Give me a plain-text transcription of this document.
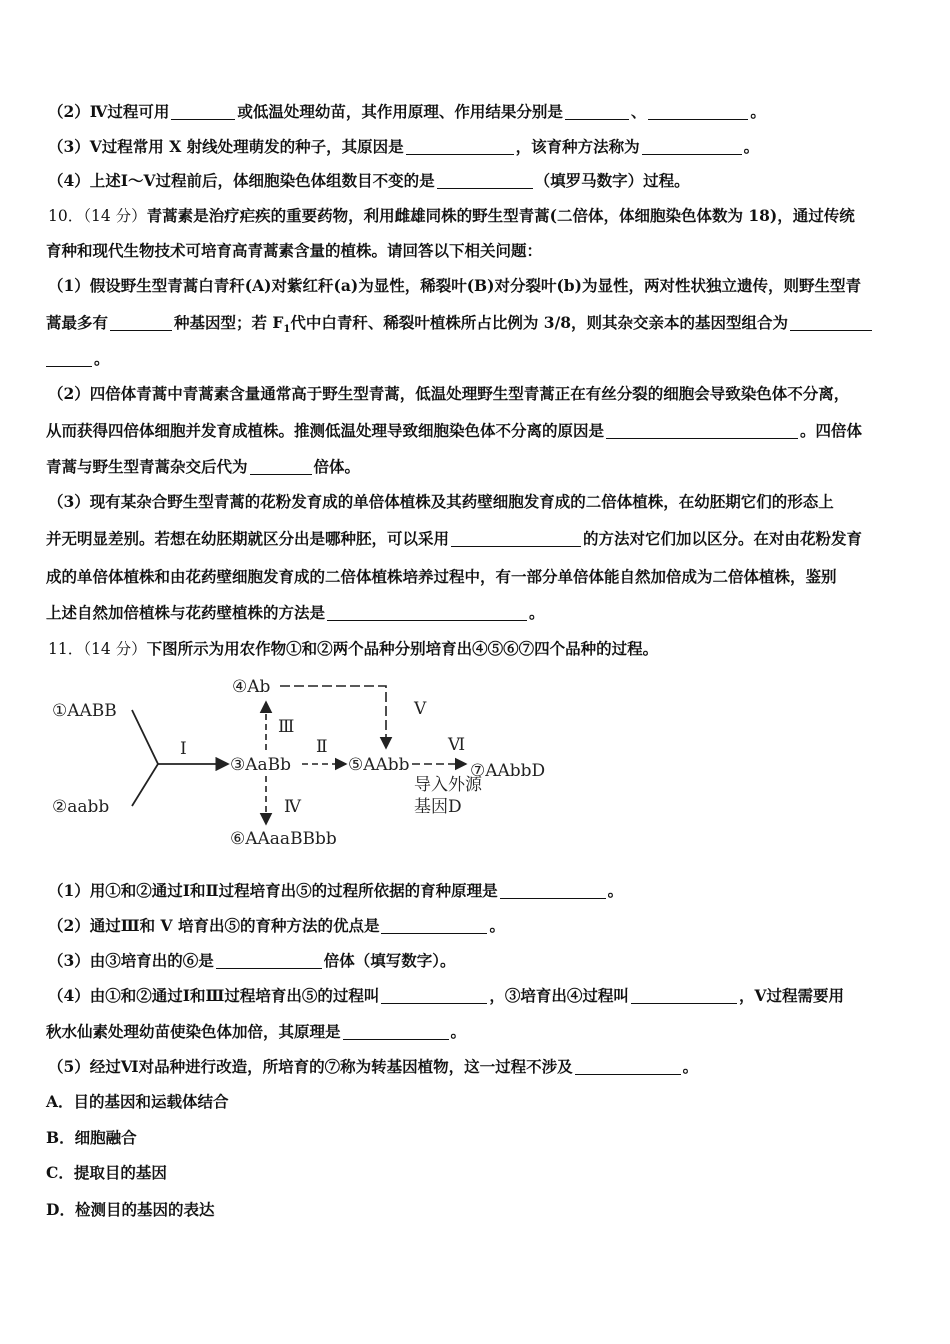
（2）Ⅳ过程可用	或低温处理幼苗，其作用原理、作用结果分别是	、	。
（3）Ⅴ过程常用 X 射线处理萌发的种子，其原因是	，该育种方法称为	。
（4）上述Ⅰ～Ⅴ过程前后，体细胞染色体组数目不变的是	（填罗马数字）过程。
10．（14 分）青蒿素是治疗疟疾的重要药物，利用雌雄同株的野生型青蒿(二倍体，体细胞染色体数为 18)，通过传统
育种和现代生物技术可培育高青蒿素含量的植株。请回答以下相关问题：
（1）假设野生型青蒿白青秆(A)对紫红秆(a)为显性，稀裂叶(B)对分裂叶(b)为显性，两对性状独立遗传，则野生型青
蒿最多有	种基因型；若 $F_1$代中白青秆、稀裂叶植株所占比例为 3/8，则其杂交亲本的基因型组合为
。
（2）四倍体青蒿中青蒿素含量通常高于野生型青蒿，低温处理野生型青蒿正在有丝分裂的细胞会导致染色体不分离，
从而获得四倍体细胞并发育成植株。推测低温处理导致细胞染色体不分离的原因是	。四倍体
青蒿与野生型青蒿杂交后代为	倍体。
（3）现有某杂合野生型青蒿的花粉发育成的单倍体植株及其药壁细胞发育成的二倍体植株，在幼胚期它们的形态上
并无明显差别。若想在幼胚期就区分出是哪种胚，可以采用	的方法对它们加以区分。在对由花粉发育
成的单倍体植株和由花药壁细胞发育成的二倍体植株培养过程中，有一部分单倍体能自然加倍成为二倍体植株，鉴别
上述自然加倍植株与花药壁植株的方法是	。
11．（14 分）下图所示为用农作物①和②两个品种分别培育出④⑤⑥⑦四个品种的过程。
①AABB
②aabb
③AaBb
④Ab
⑤AAbb
⑥AAaaBBbb
⑦AAbbD
Ⅰ	Ⅱ
Ⅲ
Ⅳ
Ⅴ
Ⅵ
导入外源
基因D
（1）用①和②通过Ⅰ和Ⅱ过程培育出⑤的过程所依据的育种原理是	。
（2）通过Ⅲ和 V 培育出⑤的育种方法的优点是	。
（3）由③培育出的⑥是	倍体（填写数字）。
（4）由①和②通过Ⅰ和Ⅲ过程培育出⑤的过程叫	，③培育出④过程叫	，Ⅴ过程需要用
秋水仙素处理幼苗使染色体加倍，其原理是	。
（5）经过Ⅵ对品种进行改造，所培育的⑦称为转基因植物，这一过程不涉及	。
A．目的基因和运载体结合
B．细胞融合
C．提取目的基因
D．检测目的基因的表达
